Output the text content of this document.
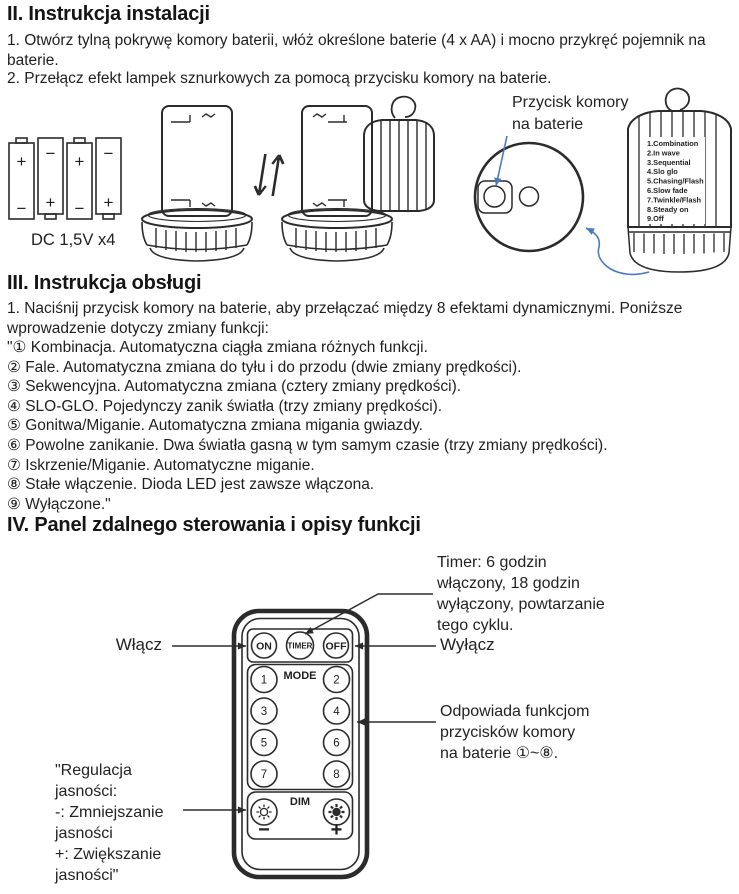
II. Instrukcja instalacji
1. Otwórz tylną pokrywę komory baterii, włóż określone baterie (4 x AA) i mocno przykręć pojemnik na baterie.
2. Przełącz efekt lampek sznurkowych za pomocą przycisku komory na baterie.
+
−
−
+
+
−
−
+
DC 1,5V x4
Przycisk komory
na baterie
1.Combination
2.In wave
3.Sequential
4.Slo glo
5.Chasing/Flash
6.Slow fade
7.Twinkle/Flash
8.Steady on
9.Off
III. Instrukcja obsługi
1. Naciśnij przycisk komory na baterie, aby przełączać między 8 efektami dynamicznymi. Poniższe wprowadzenie dotyczy zmiany funkcji:
"① Kombinacja. Automatyczna ciągła zmiana różnych funkcji.
② Fale. Automatyczna zmiana do tyłu i do przodu (dwie zmiany prędkości).
③ Sekwencyjna. Automatyczna zmiana (cztery zmiany prędkości).
④ SLO-GLO. Pojedynczy zanik światła (trzy zmiany prędkości).
⑤ Gonitwa/Miganie. Automatyczna zmiana migania gwiazdy.
⑥ Powolne zanikanie. Dwa światła gasną w tym samym czasie (trzy zmiany prędkości).
⑦ Iskrzenie/Miganie. Automatyczne miganie.
⑧ Stałe włączenie. Dioda LED jest zawsze włączona.
⑨ Wyłączone."
IV. Panel zdalnego sterowania i opisy funkcji
Timer: 6 godzin
włączony, 18 godzin
wyłączony, powtarzanie
tego cyklu.
Włącz	Wyłącz
Odpowiada funkcjom
przycisków komory
na baterie ①~⑧.
"Regulacja
jasności:
-: Zmniejszanie
jasności
+: Zwiększanie
jasności"
ON TIMER OFF
MODE
1	2
3	4
5	6
7	8
DIM
−	+
